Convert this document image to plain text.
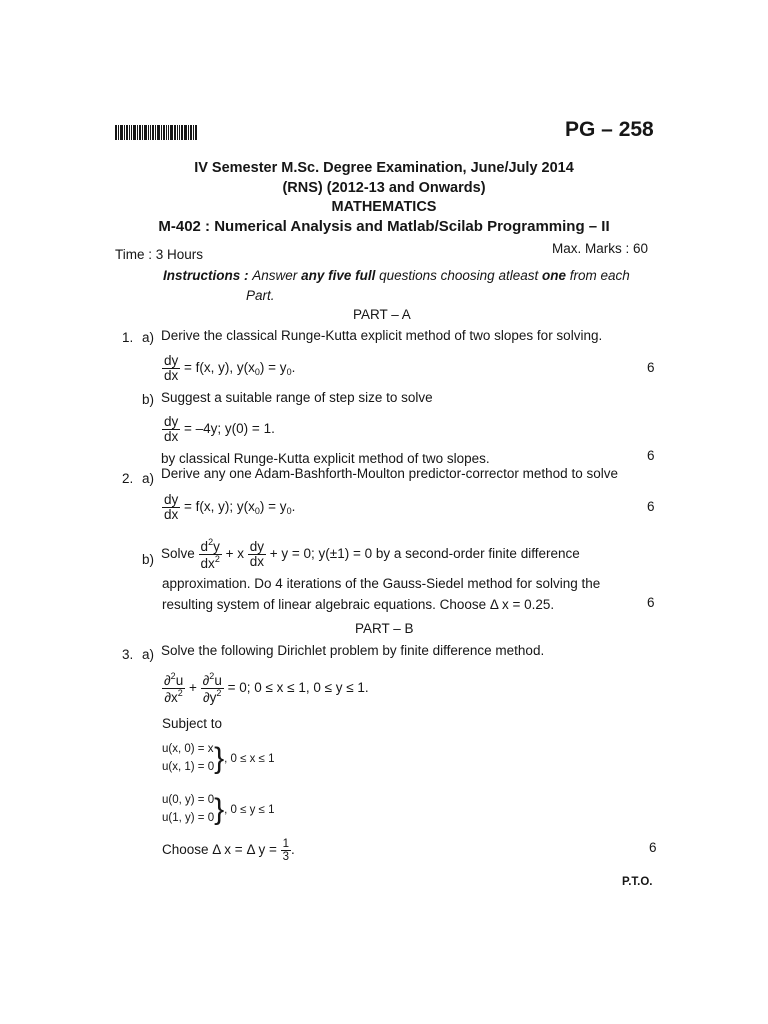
PG – 258
IV Semester M.Sc. Degree Examination, June/July 2014
(RNS) (2012-13 and Onwards)
MATHEMATICS
M-402 : Numerical Analysis and Matlab/Scilab Programming – II
Time : 3 Hours	Max. Marks : 60
Instructions : Answer any five full questions choosing atleast one from each
Part.
PART – A
1. a) Derive the classical Runge-Kutta explicit method of two slopes for solving.
$\frac{dy}{dx} = f(x$, y), $y(x_0) = y_0$.	6
b) Suggest a suitable range of step size to solve
$\frac{dy}{dx} = -4y$; y(0) = 1.
by classical Runge-Kutta explicit method of two slopes.	6
2. a) Derive any one Adam-Bashforth-Moulton predictor-corrector method to solve
$\frac{dy}{dx} = f(x$, y); $y(x_0) = y_0$.	6
b) Solve $\frac{d^2y}{dx^2} + x \frac{dy}{dx} + y = 0$; y(±1) = 0 by a second-order finite difference
approximation. Do 4 iterations of the Gauss-Siedel method for solving the
resulting system of linear algebraic equations. Choose Δ x = 0.25.	6
PART – B
3. a) Solve the following Dirichlet problem by finite difference method.
$\frac{\partial^2u}{\partial x^2} + \frac{\partial^2u}{\partial y^2} = 0$; 0 ≤ x ≤ 1, 0 ≤ y ≤ 1.
Subject to
u(x, 0) = x
u(x, 1) = 0 } , 0 ≤ x ≤ 1
u(0, y) = 0
u(1, y) = 0 } , 0 ≤ y ≤ 1
Choose Δ x = Δ $y = \frac{1}{3}$ .	6
P.T.O.
